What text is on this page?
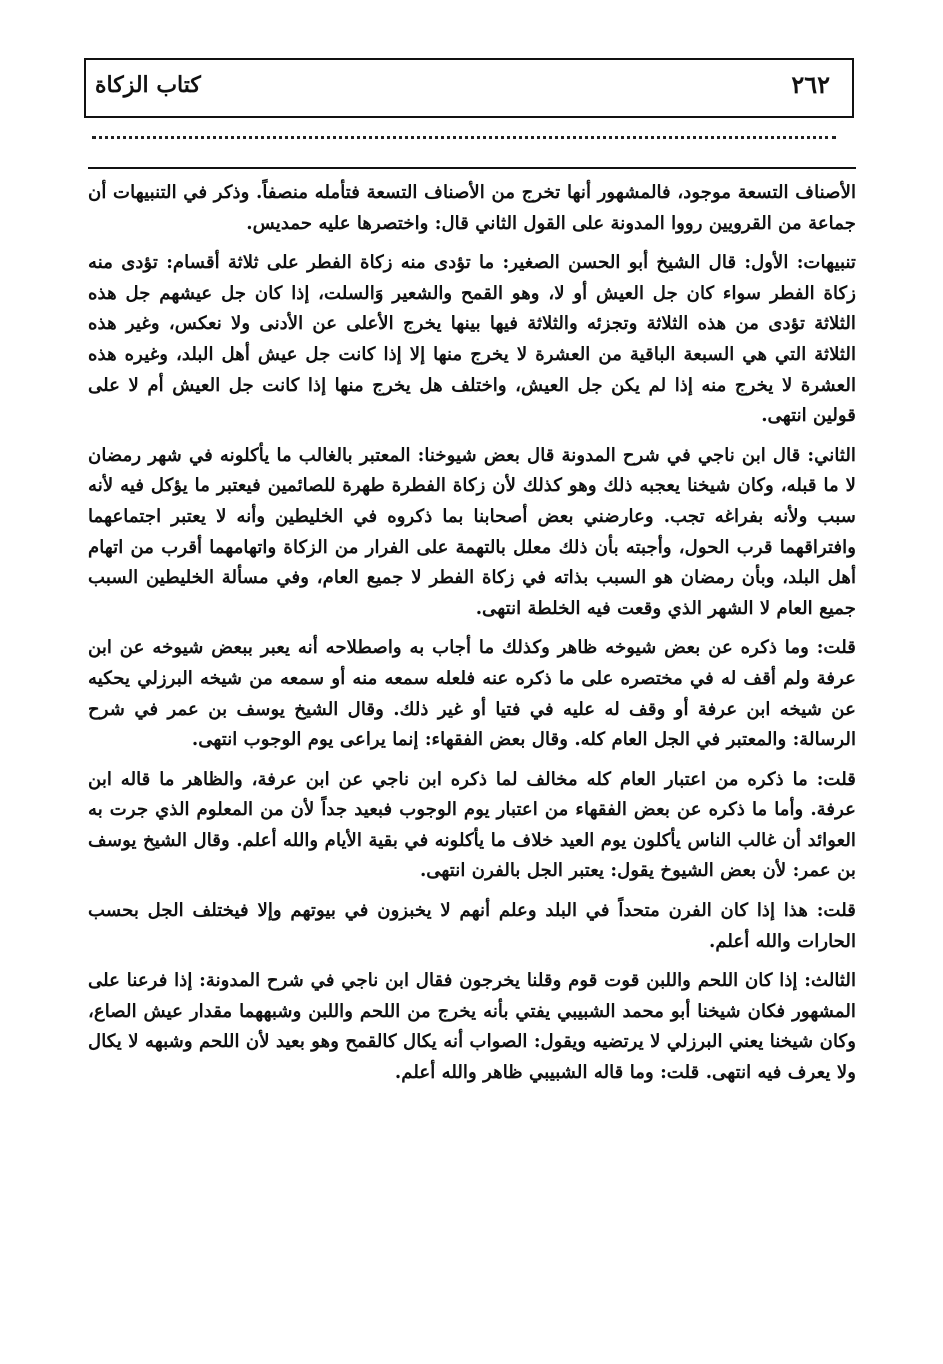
كتاب الزكاة	٢٦٢

الأصناف التسعة موجود، فالمشهور أنها تخرج من الأصناف التسعة فتأمله منصفاً. وذكر في التنبيهات أن جماعة من القرويين رووا المدونة على القول الثاني قال: واختصرها عليه حمديس.

تنبيهات: الأول: قال الشيخ أبو الحسن الصغير: ما تؤدى منه زكاة الفطر على ثلاثة أقسام: تؤدى منه زكاة الفطر سواء كان جل العيش أو لا، وهو القمح والشعير وَالسلت، إذا كان جل عيشهم جل هذه الثلاثة تؤدى من هذه الثلاثة وتجزئه والثلاثة فيها بينها يخرج الأعلى عن الأدنى ولا نعكس، وغير هذه الثلاثة التي هي السبعة الباقية من العشرة لا يخرج منها إلا إذا كانت جل عيش أهل البلد، وغيره هذه العشرة لا يخرج منه إذا لم يكن جل العيش، واختلف هل يخرج منها إذا كانت جل العيش أم لا على قولين انتهى.

الثاني: قال ابن ناجي في شرح المدونة قال بعض شيوخنا: المعتبر بالغالب ما يأكلونه في شهر رمضان لا ما قبله، وكان شيخنا يعجبه ذلك وهو كذلك لأن زكاة الفطرة طهرة للصائمين فيعتبر ما يؤكل فيه لأنه سبب ولأنه بفراغه تجب. وعارضني بعض أصحابنا بما ذكروه في الخليطين وأنه لا يعتبر اجتماعهما وافتراقهما قرب الحول، وأجبته بأن ذلك معلل بالتهمة على الفرار من الزكاة واتهامهما أقرب من اتهام أهل البلد، وبأن رمضان هو السبب بذاته في زكاة الفطر لا جميع العام، وفي مسألة الخليطين السبب جميع العام لا الشهر الذي وقعت فيه الخلطة انتهى.

قلت: وما ذكره عن بعض شيوخه ظاهر وكذلك ما أجاب به واصطلاحه أنه يعبر ببعض شيوخه عن ابن عرفة ولم أقف له في مختصره على ما ذكره عنه فلعله سمعه منه أو سمعه من شيخه البرزلي يحكيه عن شيخه ابن عرفة أو وقف له عليه في فتيا أو غير ذلك. وقال الشيخ يوسف بن عمر في شرح الرسالة: والمعتبر في الجل العام كله. وقال بعض الفقهاء: إنما يراعى يوم الوجوب انتهى.

قلت: ما ذكره من اعتبار العام كله مخالف لما ذكره ابن ناجي عن ابن عرفة، والظاهر ما قاله ابن عرفة. وأما ما ذكره عن بعض الفقهاء من اعتبار يوم الوجوب فبعيد جداً لأن من المعلوم الذي جرت به العوائد أن غالب الناس يأكلون يوم العيد خلاف ما يأكلونه في بقية الأيام والله أعلم. وقال الشيخ يوسف بن عمر: لأن بعض الشيوخ يقول: يعتبر الجل بالفرن انتهى.

قلت: هذا إذا كان الفرن متحداً في البلد وعلم أنهم لا يخبزون في بيوتهم وإلا فيختلف الجل بحسب الحارات والله أعلم.

الثالث: إذا كان اللحم واللبن قوت قوم وقلنا يخرجون فقال ابن ناجي في شرح المدونة: إذا فرعنا على المشهور فكان شيخنا أبو محمد الشبيبي يفتي بأنه يخرج من اللحم واللبن وشبههما مقدار عيش الصاع، وكان شيخنا يعني البرزلي لا يرتضيه ويقول: الصواب أنه يكال كالقمح وهو بعيد لأن اللحم وشبهه لا يكال ولا يعرف فيه انتهى. قلت: وما قاله الشبيبي ظاهر والله أعلم.
